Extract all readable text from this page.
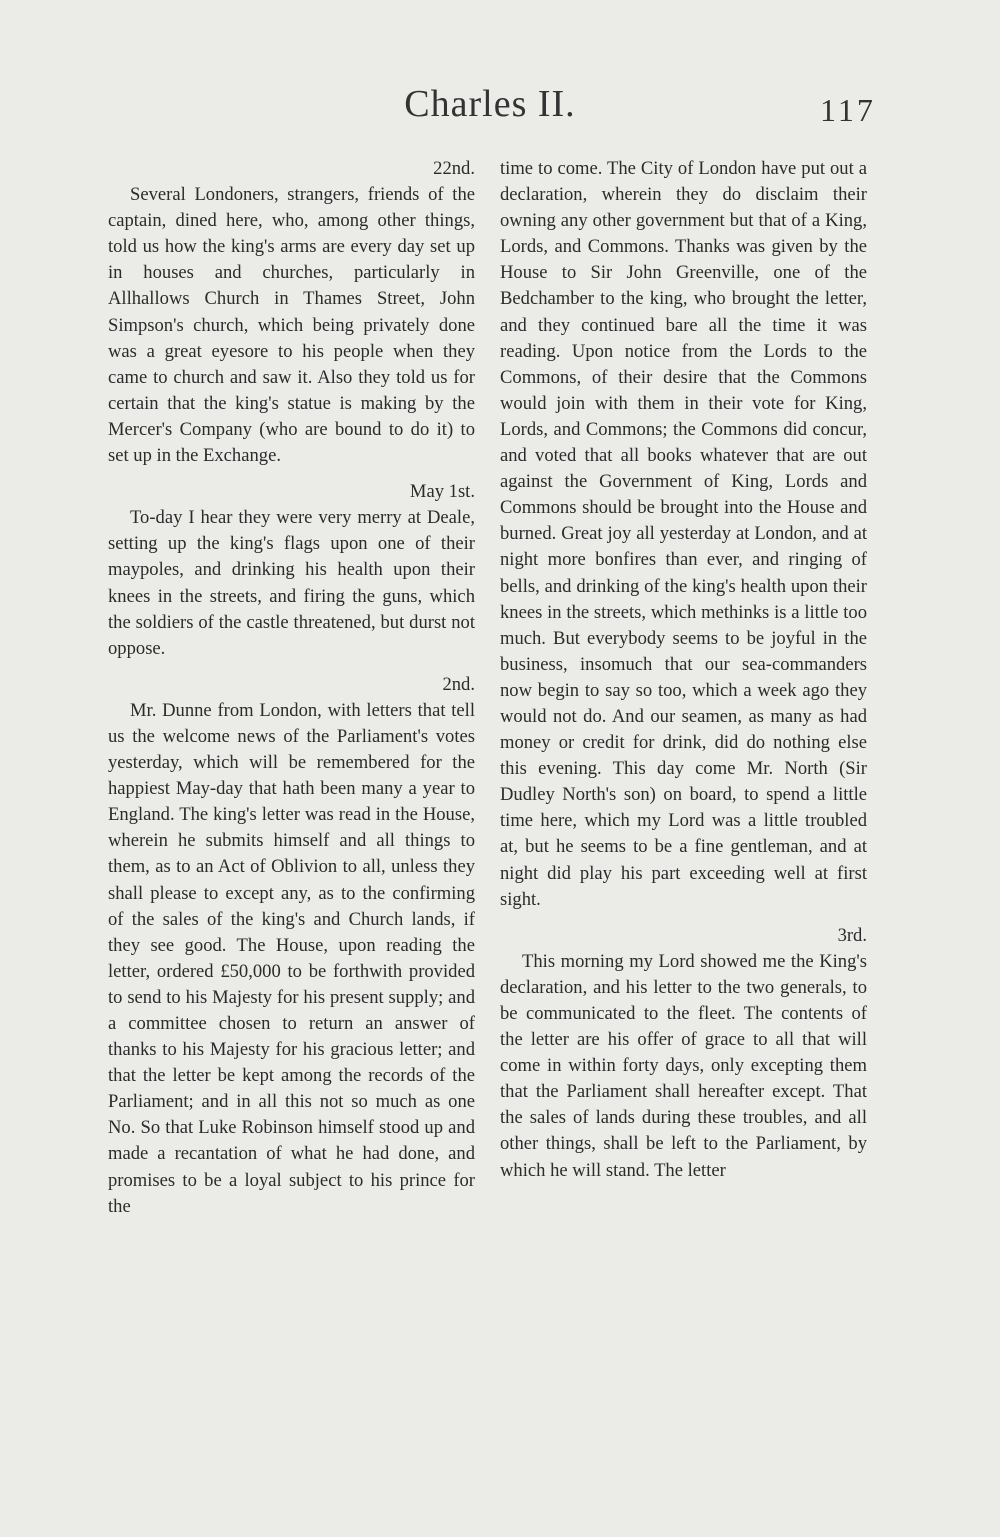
Charles II.	117
22nd.

Several Londoners, strangers, friends of the captain, dined here, who, among other things, told us how the king's arms are every day set up in houses and churches, particularly in Allhallows Church in Thames Street, John Simpson's church, which being privately done was a great eyesore to his people when they came to church and saw it. Also they told us for certain that the king's statue is making by the Mercer's Company (who are bound to do it) to set up in the Exchange.

May 1st.

To-day I hear they were very merry at Deale, setting up the king's flags upon one of their maypoles, and drinking his health upon their knees in the streets, and firing the guns, which the soldiers of the castle threatened, but durst not oppose.

2nd.

Mr. Dunne from London, with letters that tell us the welcome news of the Parliament's votes yesterday, which will be remembered for the happiest May-day that hath been many a year to England. The king's letter was read in the House, wherein he submits himself and all things to them, as to an Act of Oblivion to all, unless they shall please to except any, as to the confirming of the sales of the king's and Church lands, if they see good. The House, upon reading the letter, ordered £50,000 to be forthwith provided to send to his Majesty for his present supply; and a committee chosen to return an answer of thanks to his Majesty for his gracious letter; and that the letter be kept among the records of the Parliament; and in all this not so much as one No. So that Luke Robinson himself stood up and made a recantation of what he had done, and promises to be a loyal subject to his prince for the

time to come. The City of London have put out a declaration, wherein they do disclaim their owning any other government but that of a King, Lords, and Commons. Thanks was given by the House to Sir John Greenville, one of the Bedchamber to the king, who brought the letter, and they continued bare all the time it was reading. Upon notice from the Lords to the Commons, of their desire that the Commons would join with them in their vote for King, Lords, and Commons; the Commons did concur, and voted that all books whatever that are out against the Government of King, Lords and Commons should be brought into the House and burned. Great joy all yesterday at London, and at night more bonfires than ever, and ringing of bells, and drinking of the king's health upon their knees in the streets, which methinks is a little too much. But everybody seems to be joyful in the business, insomuch that our sea-commanders now begin to say so too, which a week ago they would not do. And our seamen, as many as had money or credit for drink, did do nothing else this evening. This day come Mr. North (Sir Dudley North's son) on board, to spend a little time here, which my Lord was a little troubled at, but he seems to be a fine gentleman, and at night did play his part exceeding well at first sight.

3rd.

This morning my Lord showed me the King's declaration, and his letter to the two generals, to be communicated to the fleet. The contents of the letter are his offer of grace to all that will come in within forty days, only excepting them that the Parliament shall hereafter except. That the sales of lands during these troubles, and all other things, shall be left to the Parliament, by which he will stand. The letter
